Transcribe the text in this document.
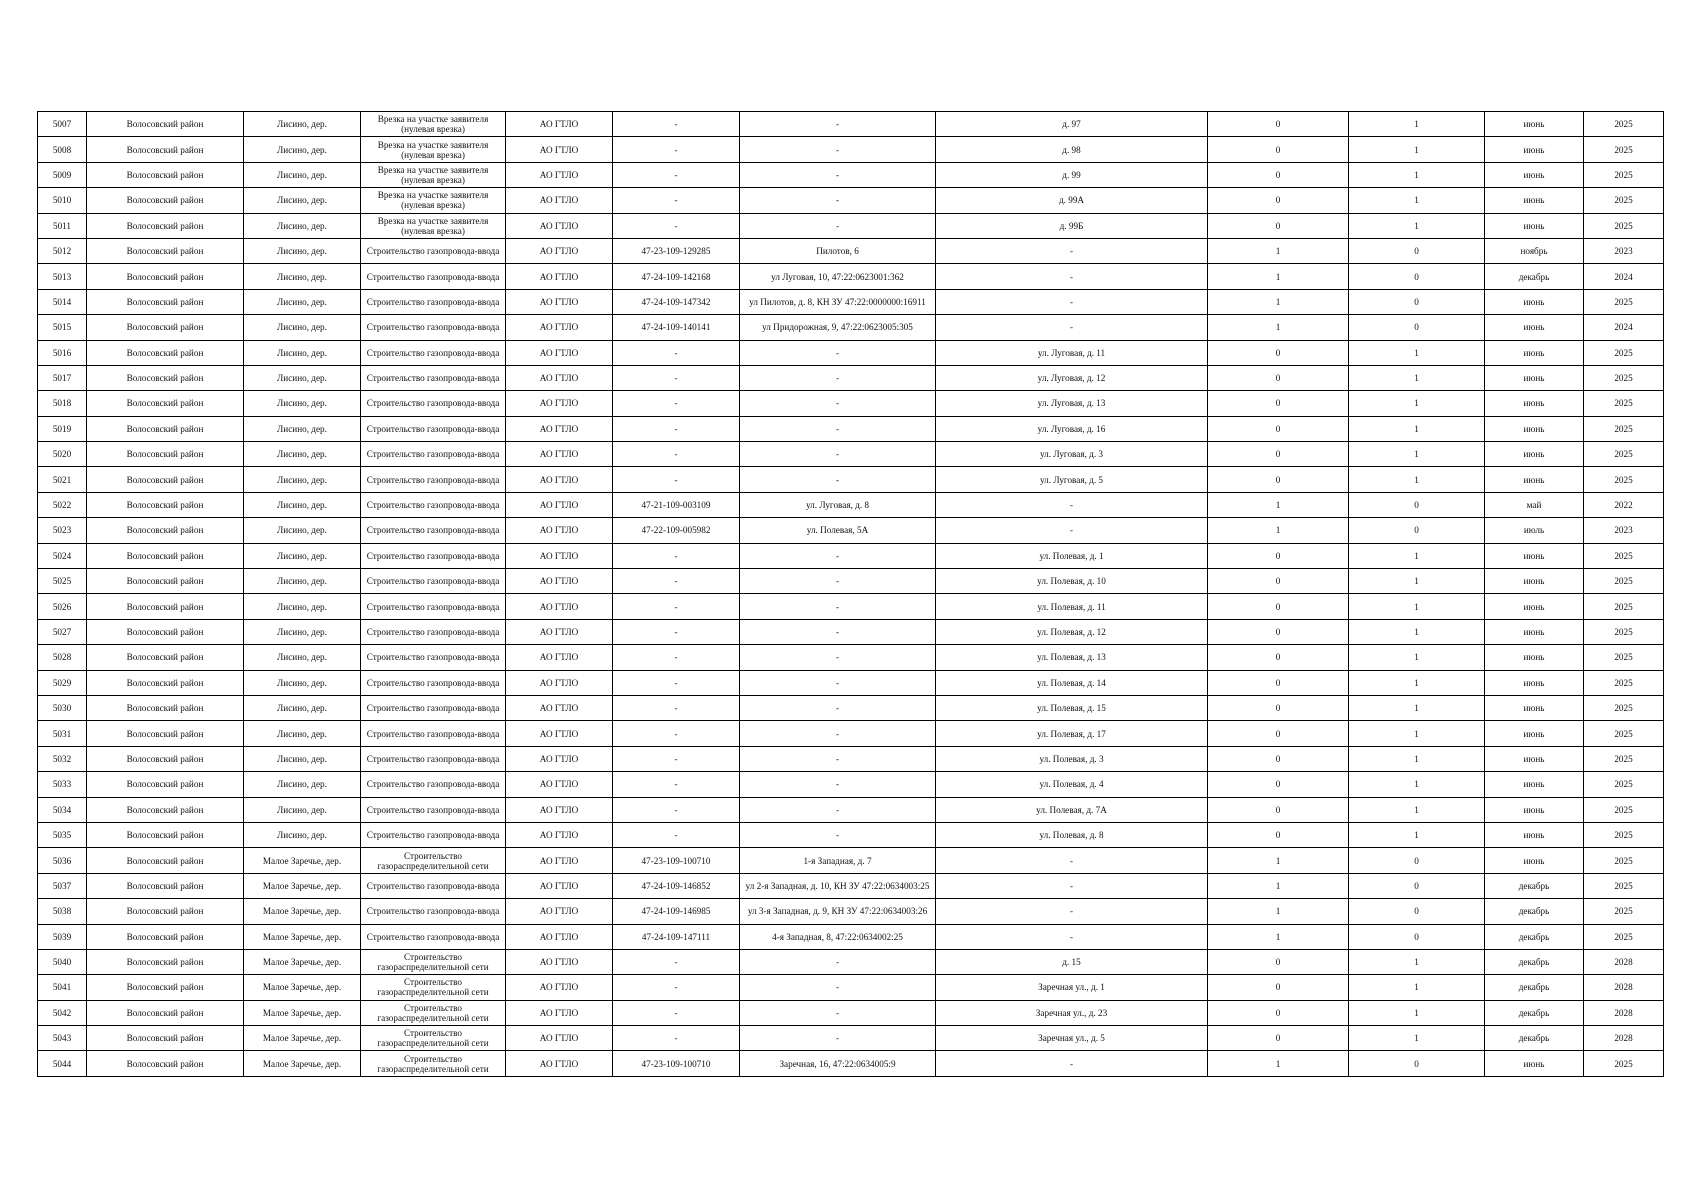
5007	Волосовский район	Лисино, дер.	Врезка на участке заявителя (нулевая врезка)	АО ГТЛО	-	-	д. 97	0	1	июнь	2025
5008	Волосовский район	Лисино, дер.	Врезка на участке заявителя (нулевая врезка)	АО ГТЛО	-	-	д. 98	0	1	июнь	2025
5009	Волосовский район	Лисино, дер.	Врезка на участке заявителя (нулевая врезка)	АО ГТЛО	-	-	д. 99	0	1	июнь	2025
5010	Волосовский район	Лисино, дер.	Врезка на участке заявителя (нулевая врезка)	АО ГТЛО	-	-	д. 99А	0	1	июнь	2025
5011	Волосовский район	Лисино, дер.	Врезка на участке заявителя (нулевая врезка)	АО ГТЛО	-	-	д. 99Б	0	1	июнь	2025
5012	Волосовский район	Лисино, дер.	Строительство газопровода-ввода	АО ГТЛО	47-23-109-129285	Пилотов, 6	-	1	0	ноябрь	2023
5013	Волосовский район	Лисино, дер.	Строительство газопровода-ввода	АО ГТЛО	47-24-109-142168	ул Луговая, 10, 47:22:0623001:362	-	1	0	декабрь	2024
5014	Волосовский район	Лисино, дер.	Строительство газопровода-ввода	АО ГТЛО	47-24-109-147342	ул Пилотов, д. 8, КН ЗУ 47:22:0000000:16911	-	1	0	июнь	2025
5015	Волосовский район	Лисино, дер.	Строительство газопровода-ввода	АО ГТЛО	47-24-109-140141	ул Придорожная, 9, 47:22:0623005:305	-	1	0	июнь	2024
5016	Волосовский район	Лисино, дер.	Строительство газопровода-ввода	АО ГТЛО	-	-	ул. Луговая, д. 11	0	1	июнь	2025
5017	Волосовский район	Лисино, дер.	Строительство газопровода-ввода	АО ГТЛО	-	-	ул. Луговая, д. 12	0	1	июнь	2025
5018	Волосовский район	Лисино, дер.	Строительство газопровода-ввода	АО ГТЛО	-	-	ул. Луговая, д. 13	0	1	июнь	2025
5019	Волосовский район	Лисино, дер.	Строительство газопровода-ввода	АО ГТЛО	-	-	ул. Луговая, д. 16	0	1	июнь	2025
5020	Волосовский район	Лисино, дер.	Строительство газопровода-ввода	АО ГТЛО	-	-	ул. Луговая, д. 3	0	1	июнь	2025
5021	Волосовский район	Лисино, дер.	Строительство газопровода-ввода	АО ГТЛО	-	-	ул. Луговая, д. 5	0	1	июнь	2025
5022	Волосовский район	Лисино, дер.	Строительство газопровода-ввода	АО ГТЛО	47-21-109-003109	ул. Луговая, д. 8	-	1	0	май	2022
5023	Волосовский район	Лисино, дер.	Строительство газопровода-ввода	АО ГТЛО	47-22-109-005982	ул. Полевая, 5А	-	1	0	июль	2023
5024	Волосовский район	Лисино, дер.	Строительство газопровода-ввода	АО ГТЛО	-	-	ул. Полевая, д. 1	0	1	июнь	2025
5025	Волосовский район	Лисино, дер.	Строительство газопровода-ввода	АО ГТЛО	-	-	ул. Полевая, д. 10	0	1	июнь	2025
5026	Волосовский район	Лисино, дер.	Строительство газопровода-ввода	АО ГТЛО	-	-	ул. Полевая, д. 11	0	1	июнь	2025
5027	Волосовский район	Лисино, дер.	Строительство газопровода-ввода	АО ГТЛО	-	-	ул. Полевая, д. 12	0	1	июнь	2025
5028	Волосовский район	Лисино, дер.	Строительство газопровода-ввода	АО ГТЛО	-	-	ул. Полевая, д. 13	0	1	июнь	2025
5029	Волосовский район	Лисино, дер.	Строительство газопровода-ввода	АО ГТЛО	-	-	ул. Полевая, д. 14	0	1	июнь	2025
5030	Волосовский район	Лисино, дер.	Строительство газопровода-ввода	АО ГТЛО	-	-	ул. Полевая, д. 15	0	1	июнь	2025
5031	Волосовский район	Лисино, дер.	Строительство газопровода-ввода	АО ГТЛО	-	-	ул. Полевая, д. 17	0	1	июнь	2025
5032	Волосовский район	Лисино, дер.	Строительство газопровода-ввода	АО ГТЛО	-	-	ул. Полевая, д. 3	0	1	июнь	2025
5033	Волосовский район	Лисино, дер.	Строительство газопровода-ввода	АО ГТЛО	-	-	ул. Полевая, д. 4	0	1	июнь	2025
5034	Волосовский район	Лисино, дер.	Строительство газопровода-ввода	АО ГТЛО	-	-	ул. Полевая, д. 7А	0	1	июнь	2025
5035	Волосовский район	Лисино, дер.	Строительство газопровода-ввода	АО ГТЛО	-	-	ул. Полевая, д. 8	0	1	июнь	2025
5036	Волосовский район	Малое Заречье, дер.	Строительство газораспределительной сети	АО ГТЛО	47-23-109-100710	1-я Западная, д. 7	-	1	0	июнь	2025
5037	Волосовский район	Малое Заречье, дер.	Строительство газопровода-ввода	АО ГТЛО	47-24-109-146852	ул 2-я Западная, д. 10, КН ЗУ 47:22:0634003:25	-	1	0	декабрь	2025
5038	Волосовский район	Малое Заречье, дер.	Строительство газопровода-ввода	АО ГТЛО	47-24-109-146985	ул 3-я Западная, д. 9, КН ЗУ 47:22:0634003:26	-	1	0	декабрь	2025
5039	Волосовский район	Малое Заречье, дер.	Строительство газопровода-ввода	АО ГТЛО	47-24-109-147111	4-я Западная, 8, 47:22:0634002:25	-	1	0	декабрь	2025
5040	Волосовский район	Малое Заречье, дер.	Строительство газораспределительной сети	АО ГТЛО	-	-	д. 15	0	1	декабрь	2028
5041	Волосовский район	Малое Заречье, дер.	Строительство газораспределительной сети	АО ГТЛО	-	-	Заречная ул., д. 1	0	1	декабрь	2028
5042	Волосовский район	Малое Заречье, дер.	Строительство газораспределительной сети	АО ГТЛО	-	-	Заречная ул., д. 23	0	1	декабрь	2028
5043	Волосовский район	Малое Заречье, дер.	Строительство газораспределительной сети	АО ГТЛО	-	-	Заречная ул., д. 5	0	1	декабрь	2028
5044	Волосовский район	Малое Заречье, дер.	Строительство газораспределительной сети	АО ГТЛО	47-23-109-100710	Заречная, 16, 47:22:0634005:9	-	1	0	июнь	2025
